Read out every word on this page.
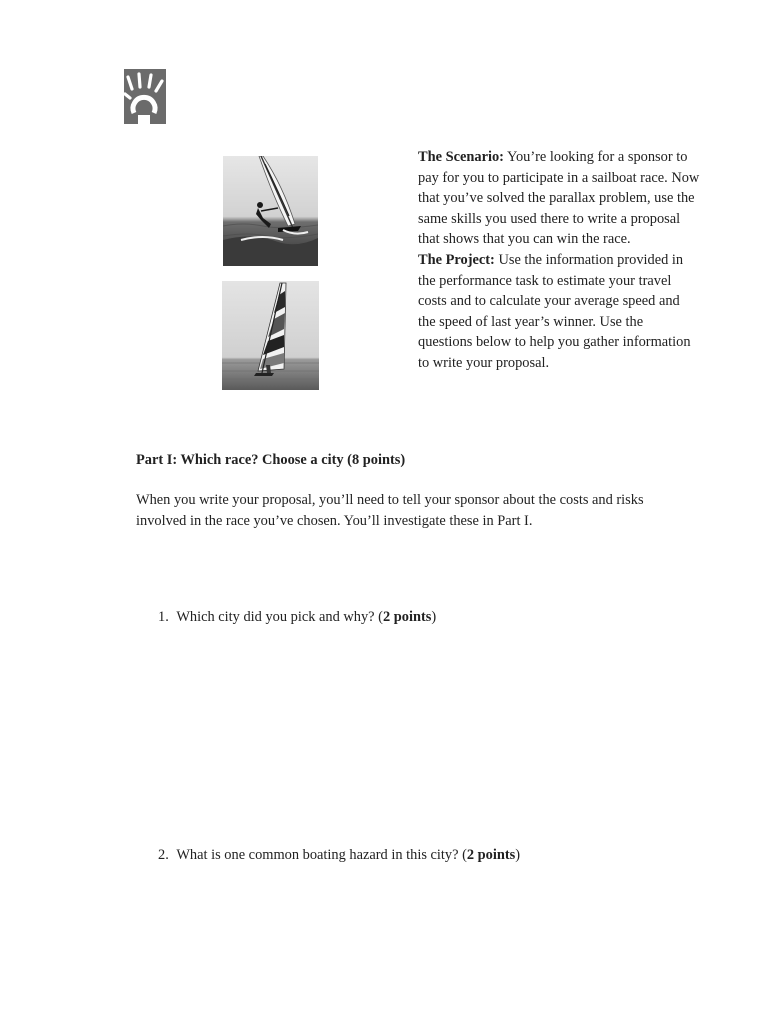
The Scenario: You’re looking for a sponsor to pay for you to participate in a sailboat race. Now that you’ve solved the parallax problem, use the same skills you used there to write a proposal that shows that you can win the race.

The Project: Use the information provided in the performance task to estimate your travel costs and to calculate your average speed and the speed of last year’s winner. Use the questions below to help you gather information to write your proposal.

Part I: Which race? Choose a city (8 points)
When you write your proposal, you’ll need to tell your sponsor about the costs and risks involved in the race you’ve chosen. You’ll investigate these in Part I.
1. Which city did you pick and why? (2 points)
2. What is one common boating hazard in this city? (2 points)
